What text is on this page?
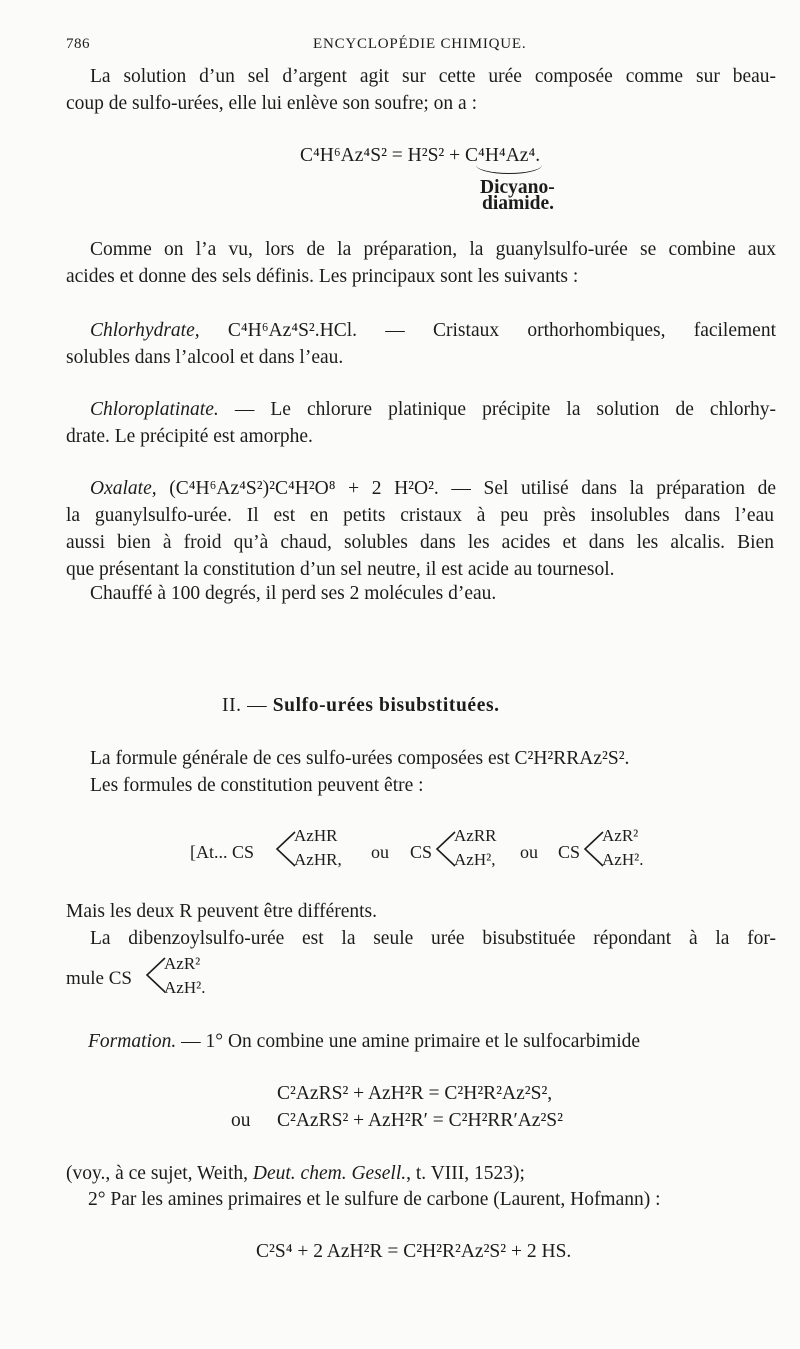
786	ENCYCLOPÉDIE CHIMIQUE.

La solution d’un sel d’argent agit sur cette urée composée comme sur beau-

coup de sulfo-urées, elle lui enlève son soufre; on a :

C⁴H⁶Az⁴S² = H²S² + C⁴H⁴Az⁴.

Dicyano-

diamide.

Comme on l’a vu, lors de la préparation, la guanylsulfo-urée se combine aux

acides et donne des sels définis. Les principaux sont les suivants :

Chlorhydrate, C⁴H⁶Az⁴S².HCl. — Cristaux orthorhombiques, facilement

solubles dans l’alcool et dans l’eau.

Chloroplatinate. — Le chlorure platinique précipite la solution de chlorhy-

drate. Le précipité est amorphe.

Oxalate, (C⁴H⁶Az⁴S²)²C⁴H²O⁸ + 2 H²O². — Sel utilisé dans la préparation de

la guanylsulfo-urée. Il est en petits cristaux à peu près insolubles dans l’eau

aussi bien à froid qu’à chaud, solubles dans les acides et dans les alcalis. Bien

que présentant la constitution d’un sel neutre, il est acide au tournesol.

Chauffé à 100 degrés, il perd ses 2 molécules d’eau.

II. — Sulfo-urées bisubstituées.

La formule générale de ces sulfo-urées composées est C²H²RRAz²S².

Les formules de constitution peuvent être :

[At... CS
AzHR
AzHR, ou CS
AzRR
AzH², ou CS
AzR²
AzH².

Mais les deux R peuvent être différents.

La dibenzoylsulfo-urée est la seule urée bisubstituée répondant à la for-

mule CS
AzR²
AzH².

Formation. — 1° On combine une amine primaire et le sulfocarbimide

C²AzRS² + AzH²R = C²H²R²Az²S²,

ou C²AzRS² + AzH²R′ = C²H²RR′Az²S²

(voy., à ce sujet, Weith, Deut. chem. Gesell., t. VIII, 1523);

2° Par les amines primaires et le sulfure de carbone (Laurent, Hofmann) :

C²S⁴ + 2 AzH²R = C²H²R²Az²S² + 2 HS.
